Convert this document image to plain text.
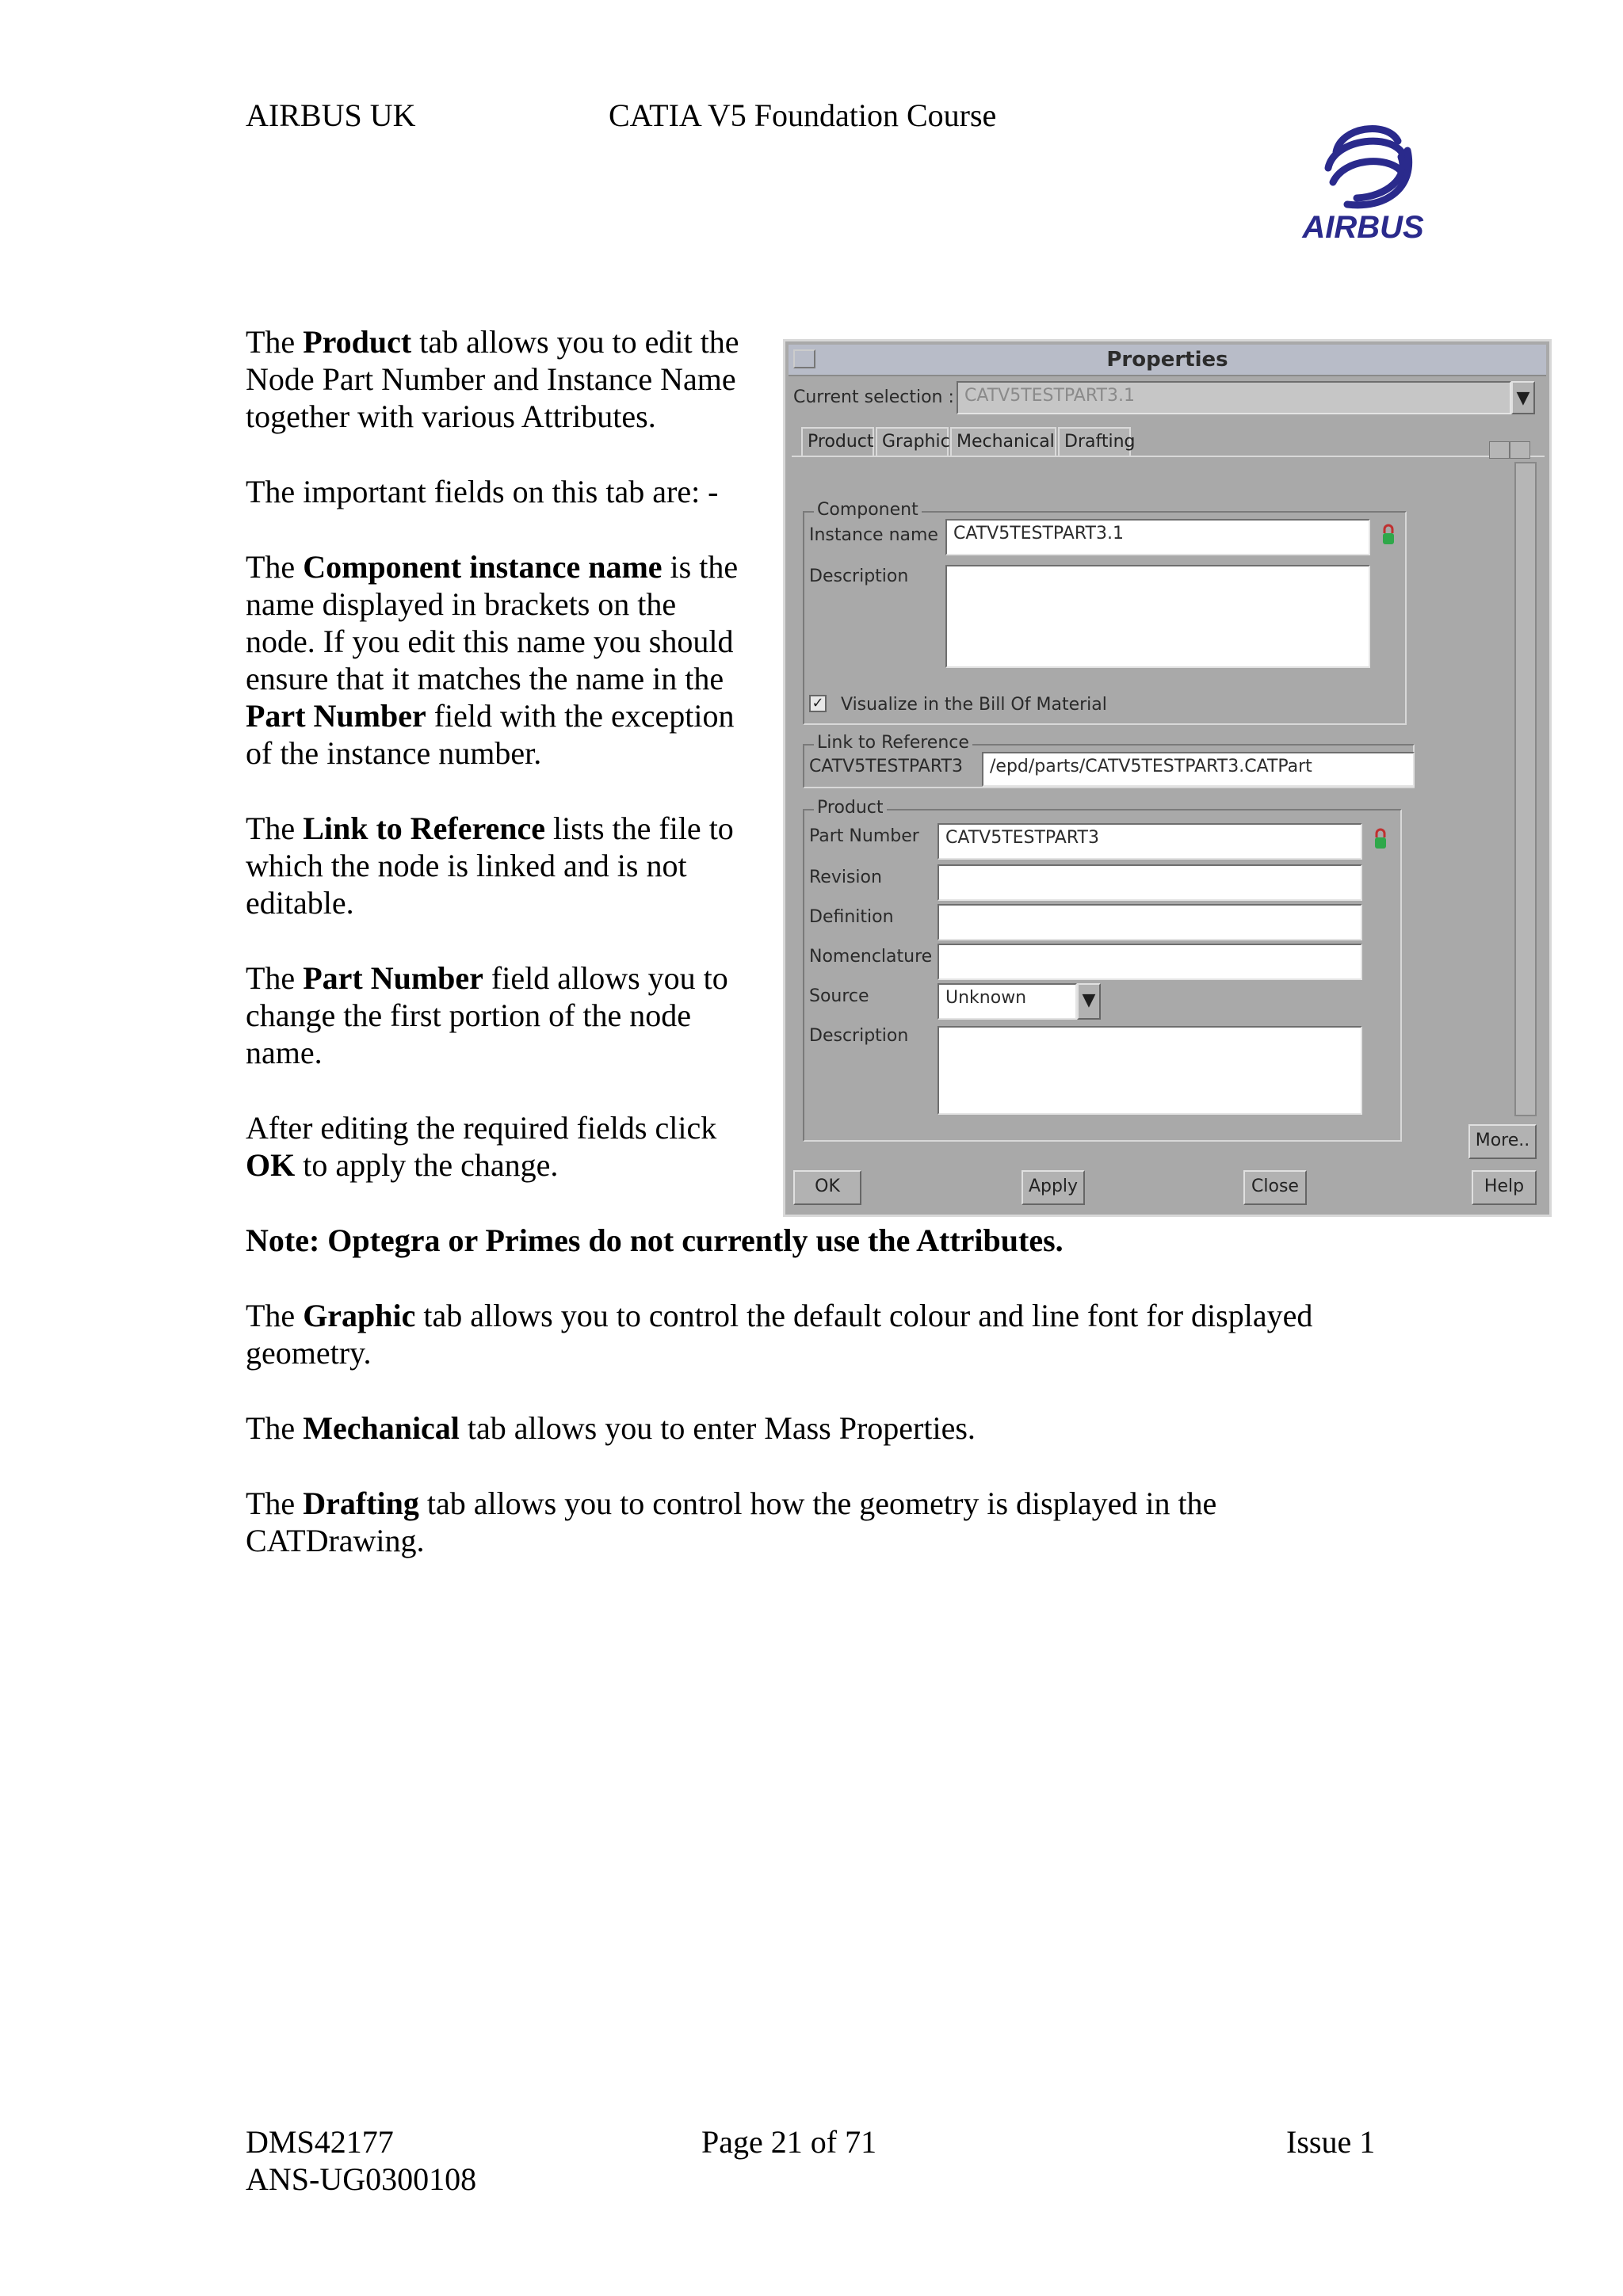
AIRBUS UK	CATIA V5 Foundation Course
AIRBUS
The Product tab allows you to edit the
Node Part Number and Instance Name
together with various Attributes.
The important fields on this tab are: -
The Component instance name is the
name displayed in brackets on the
node. If you edit this name you should
ensure that it matches the name in the
Part Number field with the exception
of the instance number.
The Link to Reference lists the file to
which the node is linked and is not
editable.
The Part Number field allows you to
change the first portion of the node
name.
After editing the required fields click
OK to apply the change.
Note: Optegra or Primes do not currently use the Attributes.
The Graphic tab allows you to control the default colour and line font for displayed
geometry.
The Mechanical tab allows you to enter Mass Properties.
The Drafting tab allows you to control how the geometry is displayed in the
CATDrawing.
Properties
Current selection : CATV5TESTPART3.1	▼
Product Graphic Mechanical Drafting
Component
Instance name CATV5TESTPART3.1
Description
✓ Visualize in the Bill Of Material
Link to Reference
CATV5TESTPART3	/epd/parts/CATV5TESTPART3.CATPart
Product
Part Number	CATV5TESTPART3
Revision
Definition
Nomenclature
Source	Unknown	▼
Description
More..
OK	Apply	Close	Help
DMS42177
ANS-UG0300108
Page 21 of 71	Issue 1
